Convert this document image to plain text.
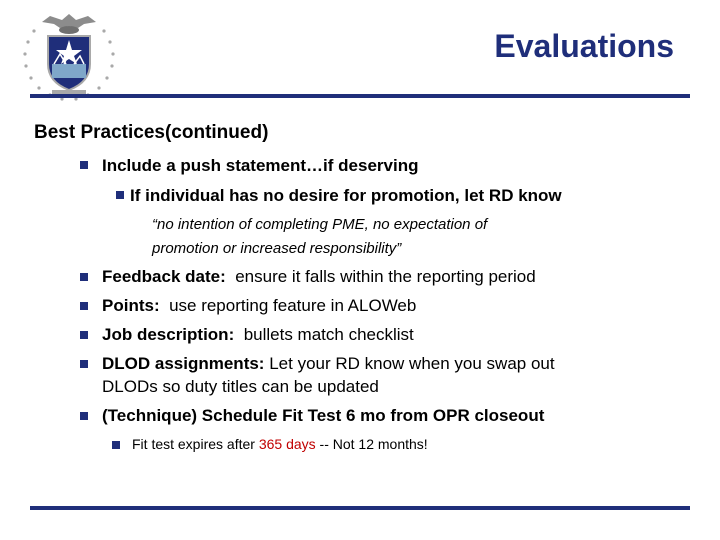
Evaluations
Best Practices(continued)
Include a push statement…if deserving
If individual has no desire for promotion, let RD know
“no intention of completing PME, no expectation of
promotion or increased responsibility”
Feedback date: ensure it falls within the reporting period
Points: use reporting feature in ALOWeb
Job description: bullets match checklist
DLOD assignments: Let your RD know when you swap out
DLODs so duty titles can be updated
(Technique) Schedule Fit Test 6 mo from OPR closeout
Fit test expires after 365 days -- Not 12 months!
